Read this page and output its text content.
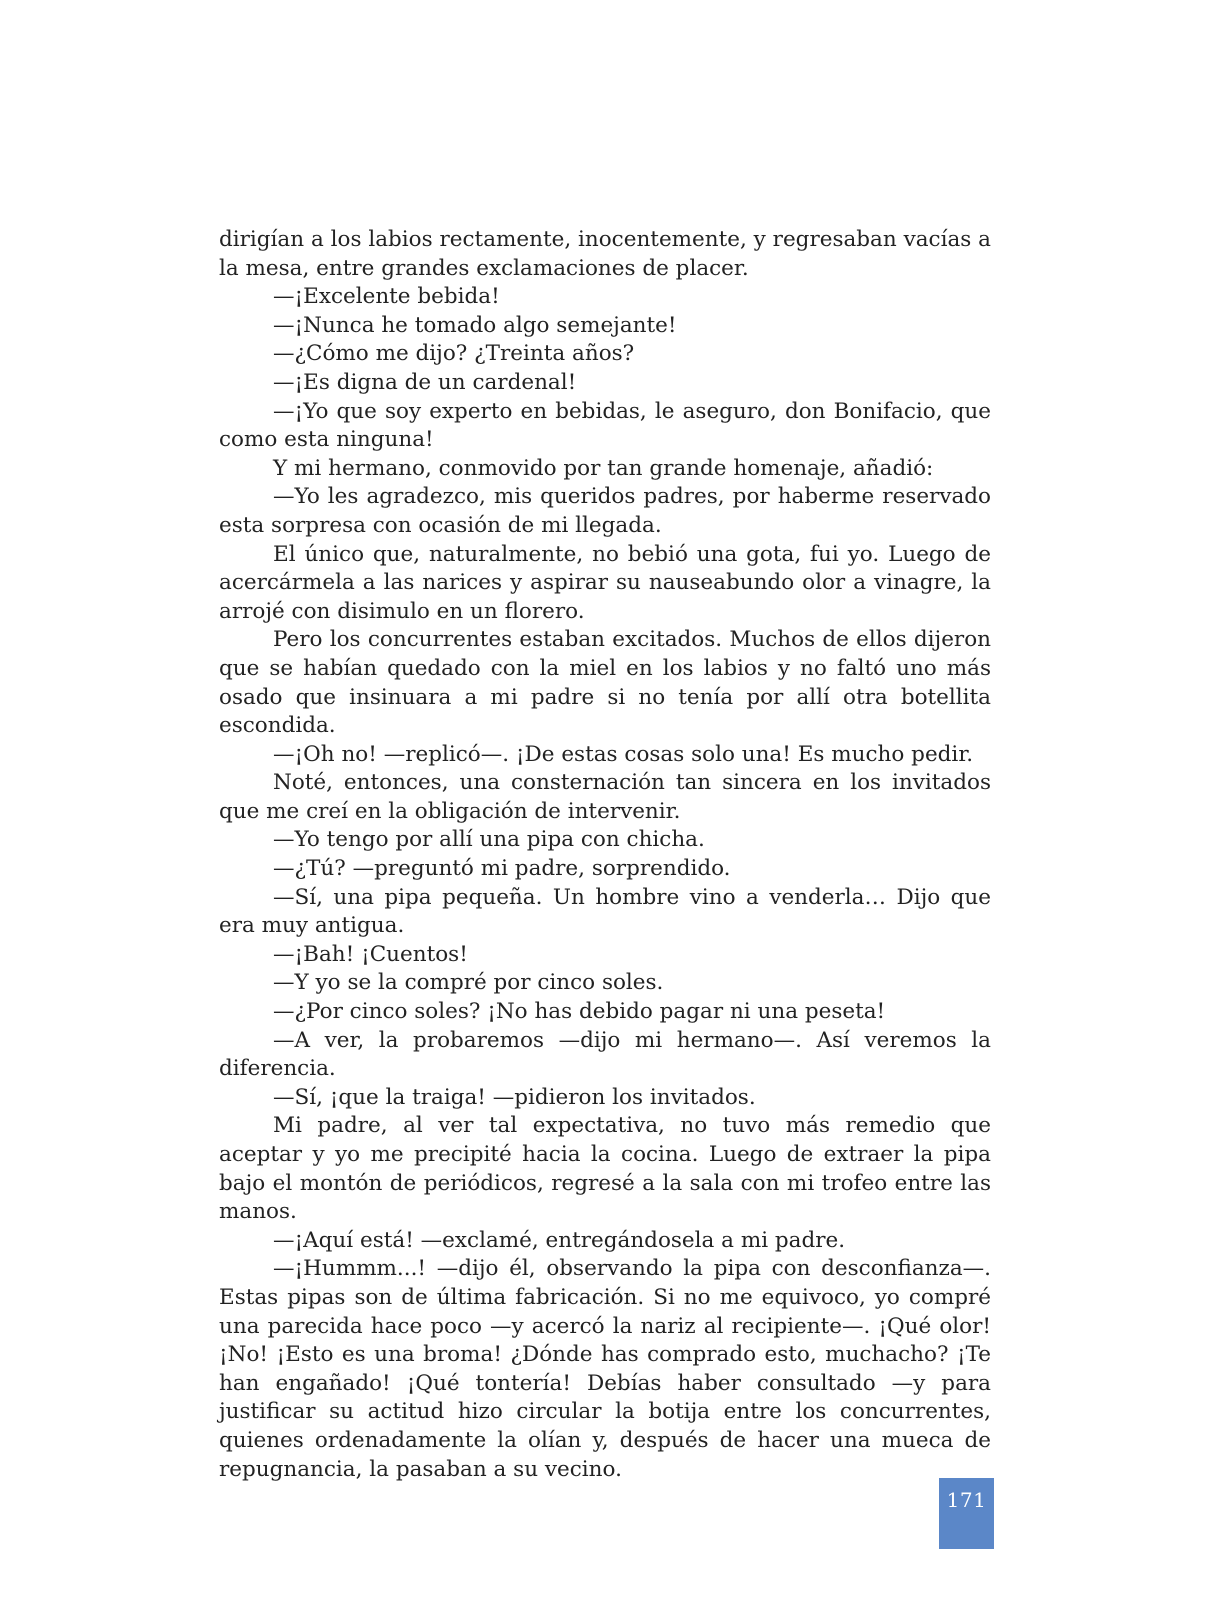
dirigían a los labios rectamente, inocentemente, y regresaban vacías a la mesa, entre grandes exclamaciones de placer.

—¡Excelente bebida!

—¡Nunca he tomado algo semejante!

—¿Cómo me dijo? ¿Treinta años?

—¡Es digna de un cardenal!

—¡Yo que soy experto en bebidas, le aseguro, don Bonifacio, que como esta ninguna!

Y mi hermano, conmovido por tan grande homenaje, añadió:

—Yo les agradezco, mis queridos padres, por haberme reservado esta sorpresa con ocasión de mi llegada.

El único que, naturalmente, no bebió una gota, fui yo. Luego de acercármela a las narices y aspirar su nauseabundo olor a vinagre, la arrojé con disimulo en un florero.

Pero los concurrentes estaban excitados. Muchos de ellos dijeron que se habían quedado con la miel en los labios y no faltó uno más osado que insinuara a mi padre si no tenía por allí otra botellita escondida.

—¡Oh no! —replicó—. ¡De estas cosas solo una! Es mucho pedir.

Noté, entonces, una consternación tan sincera en los invitados que me creí en la obligación de intervenir.

—Yo tengo por allí una pipa con chicha.

—¿Tú? —preguntó mi padre, sorprendido.

—Sí, una pipa pequeña. Un hombre vino a venderla… Dijo que era muy antigua.

—¡Bah! ¡Cuentos!

—Y yo se la compré por cinco soles.

—¿Por cinco soles? ¡No has debido pagar ni una peseta!

—A ver, la probaremos —dijo mi hermano—. Así veremos la diferencia.

—Sí, ¡que la traiga! —pidieron los invitados.

Mi padre, al ver tal expectativa, no tuvo más remedio que aceptar y yo me precipité hacia la cocina. Luego de extraer la pipa bajo el montón de periódicos, regresé a la sala con mi trofeo entre las manos.

—¡Aquí está! —exclamé, entregándosela a mi padre.

—¡Hummm...! —dijo él, observando la pipa con desconfianza—. Estas pipas son de última fabricación. Si no me equivoco, yo compré una parecida hace poco —y acercó la nariz al recipiente—. ¡Qué olor! ¡No! ¡Esto es una broma! ¿Dónde has comprado esto, muchacho? ¡Te han engañado! ¡Qué tontería! Debías haber consultado —y para justificar su actitud hizo circular la botija entre los concurrentes, quienes ordenadamente la olían y, después de hacer una mueca de repugnancia, la pasaban a su vecino.

171
